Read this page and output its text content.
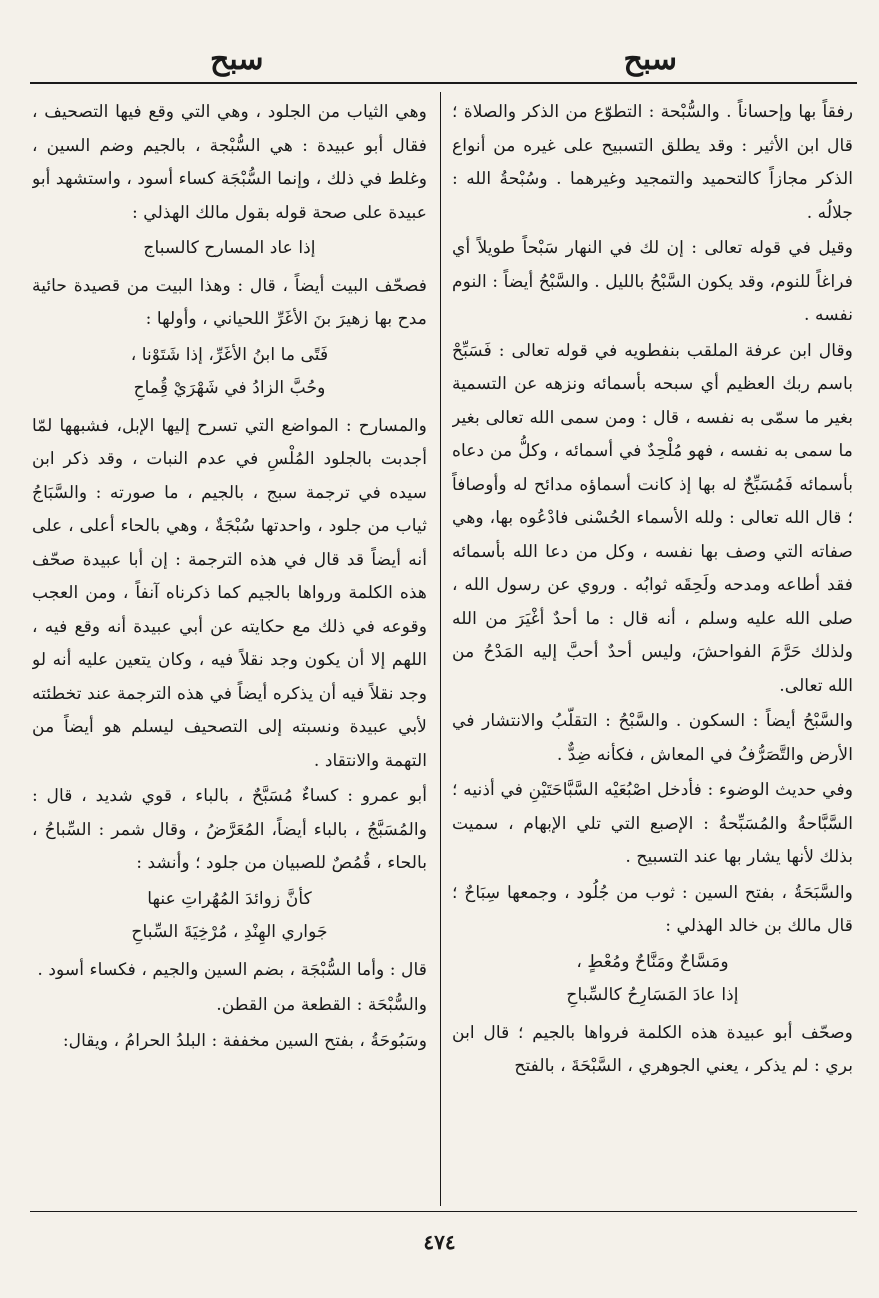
سبح
سبح

رفقاً بها وإحساناً . والسُّبْحة : التطوّع من الذكر والصلاة ؛ قال ابن الأثير : وقد يطلق التسبيح على غيره من أنواع الذكر مجازاً كالتحميد والتمجيد وغيرهما . وسُبْحةُ الله : جلالُه .

وقيل في قوله تعالى : إن لك في النهار سَبْحاً طويلاً أي فراغاً للنوم، وقد يكون السَّبْحُ بالليل . والسَّبْحُ أيضاً : النوم نفسه .

وقال ابن عرفة الملقب بنفطويه في قوله تعالى : فَسَبِّحْ باسم ربك العظيم أي سبحه بأسمائه ونزهه عن التسمية بغير ما سمّى به نفسه ، قال : ومن سمى الله تعالى بغير ما سمى به نفسه ، فهو مُلْحِدٌ في أسمائه ، وكلُّ من دعاه بأسمائه فَمُسَبِّحٌ له بها إذ كانت أسماؤه مدائح له وأوصافاً ؛ قال الله تعالى : ولله الأسماء الحُسْنى فادْعُوه بها، وهي صفاته التي وصف بها نفسه ، وكل من دعا الله بأسمائه فقد أطاعه ومدحه ولَحِقَه ثوابُه . وروي عن رسول الله ، صلى الله عليه وسلم ، أنه قال : ما أحدٌ أغْيَرَ من الله ولذلك حَرَّمَ الفواحشَ، وليس أحدٌ أحبَّ إليه المَدْحُ من الله تعالى.

والسَّبْحُ أيضاً : السكون . والسَّبْحُ : التقلّبُ والانتشار في الأرض والتَّصَرُّفُ في المعاش ، فكأنه ضِدٌّ .

وفي حديث الوضوء : فأدخل اصْبُعَيْه السَّبَّاحَتَيْنِ في أذنيه ؛ السَّبَّاحةُ والمُسَبِّحةُ : الإصبع التي تلي الإبهام ، سميت بذلك لأنها يشار بها عند التسبيح .

والسَّبَحَةُ ، بفتح السين : ثوب من جُلُود ، وجمعها سِبَاحٌ ؛ قال مالك بن خالد الهذلي :

ومَسَّاحٌ ومَنَّاحٌ ومُعْطٍ ،
إذا عادَ المَسَارِحُ كالسِّباحِ

وصحّف أبو عبيدة هذه الكلمة فرواها بالجيم ؛ قال ابن بري : لم يذكر ، يعني الجوهري ، السَّبْحَةَ ، بالفتح

وهي الثياب من الجلود ، وهي التي وقع فيها التصحيف ، فقال أبو عبيدة : هي السُّبْجة ، بالجيم وضم السين ، وغلط في ذلك ، وإنما السُّبْجَة كساء أسود ، واستشهد أبو عبيدة على صحة قوله بقول مالك الهذلي :

إذا عاد المسارح كالسباج

فصحّف البيت أيضاً ، قال : وهذا البيت من قصيدة حائية مدح بها زهيرَ بنَ الأغَرِّ اللحياني ، وأولها :

فَتًى ما ابنُ الأغَرِّ، إذا شَتَوْنا ،
وحُبَّ الزادُ في شَهْرَيْ قُِماحِ

والمسارح : المواضع التي تسرح إليها الإبل، فشبهها لمّا أجدبت بالجلود المُلْسِ في عدم النبات ، وقد ذكر ابن سيده في ترجمة سبج ، بالجيم ، ما صورته : والسَّبَاجُ ثياب من جلود ، واحدتها سُبْجَةٌ ، وهي بالحاء أعلى ، على أنه أيضاً قد قال في هذه الترجمة : إن أبا عبيدة صحّف هذه الكلمة ورواها بالجيم كما ذكرناه آنفاً ، ومن العجب وقوعه في ذلك مع حكايته عن أبي عبيدة أنه وقع فيه ، اللهم إلا أن يكون وجد نقلاً فيه ، وكان يتعين عليه أنه لو وجد نقلاً فيه أن يذكره أيضاً في هذه الترجمة عند تخطئته لأبي عبيدة ونسبته إلى التصحيف ليسلم هو أيضاً من التهمة والانتقاد .

أبو عمرو : كساءٌ مُسَبَّحٌ ، بالباء ، قوي شديد ، قال : والمُسَبَّجُ ، بالباء أيضاً، المُعَرَّضُ ، وقال شمر : السِّباحُ ، بالحاء ، قُمُصٌ للصبيان من جلود ؛ وأنشد :

كأنَّ زوائدَ المُهُراتِ عنها
جَواري الهِنْدِ ، مُرْخِيَةَ السِّباحِ

قال : وأما السُّبْجَة ، بضم السين والجيم ، فكساء أسود .

والسُّبْحَة : القطعة من القطن.

وسَبُوحَةُ ، بفتح السين مخففة : البلدُ الحرامُ ، ويقال:

٤٧٤
